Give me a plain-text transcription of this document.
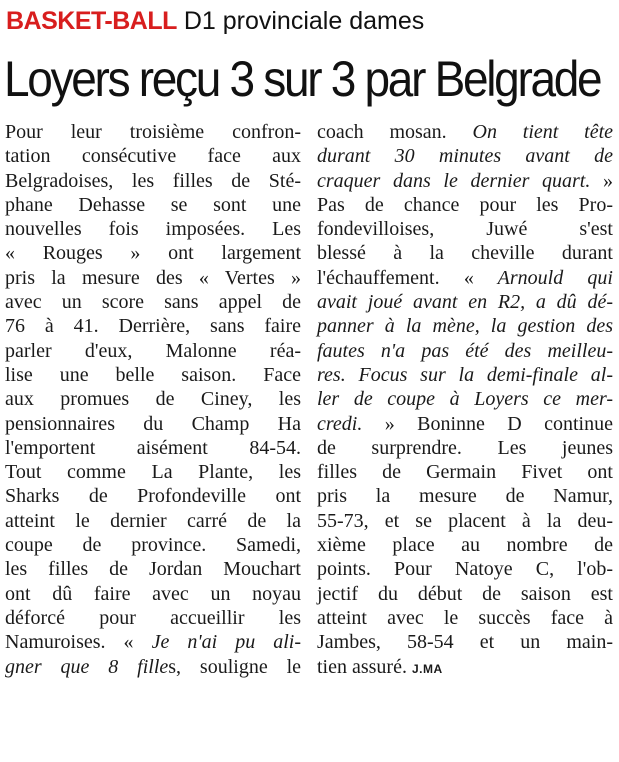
BASKET-BALL D1 provinciale dames
Loyers reçu 3 sur 3 par Belgrade
Pour leur troisième confron-
tation consécutive face aux
Belgradoises, les filles de Sté-
phane Dehasse se sont une
nouvelles fois imposées. Les
« Rouges » ont largement
pris la mesure des « Vertes »
avec un score sans appel de
76 à 41. Derrière, sans faire
parler d'eux, Malonne réa-
lise une belle saison. Face
aux promues de Ciney, les
pensionnaires du Champ Ha
l'emportent aisément 84-54.
Tout comme La Plante, les
Sharks de Profondeville ont
atteint le dernier carré de la
coupe de province. Samedi,
les filles de Jordan Mouchart
ont dû faire avec un noyau
déforcé pour accueillir les
Namuroises. « Je n'ai pu ali-
gner que 8 filles, souligne le
coach mosan. On tient tête
durant 30 minutes avant de
craquer dans le dernier quart. »
Pas de chance pour les Pro-
fondevilloises, Juwé s'est
blessé à la cheville durant
l'échauffement. « Arnould qui
avait joué avant en R2, a dû dé-
panner à la mène, la gestion des
fautes n'a pas été des meilleu-
res. Focus sur la demi-finale al-
ler de coupe à Loyers ce mer-
credi. » Boninne D continue
de surprendre. Les jeunes
filles de Germain Fivet ont
pris la mesure de Namur,
55-73, et se placent à la deu-
xième place au nombre de
points. Pour Natoye C, l'ob-
jectif du début de saison est
atteint avec le succès face à
Jambes, 58-54 et un main-
tien assuré. J.MA
